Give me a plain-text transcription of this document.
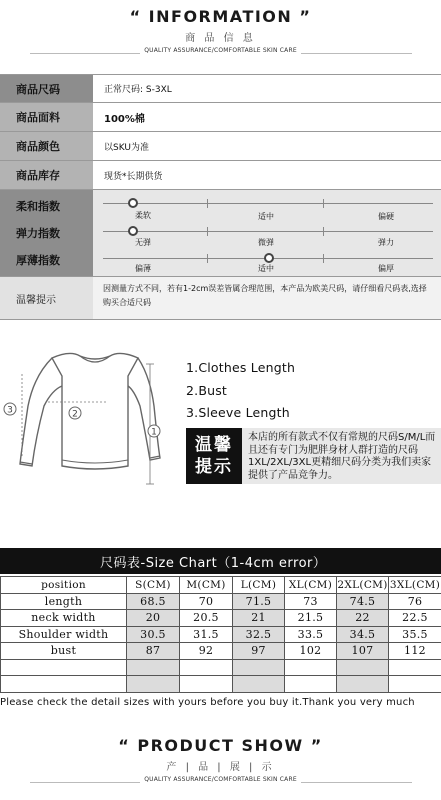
“ INFORMATION ”
商 品 信 息
QUALITY ASSURANCE/COMFORTABLE SKIN CARE
商品尺码	正常尺码: S-3XL
商品面料	100%棉
商品颜色	以SKU为准
商品库存	现货*长期供货
柔和指数
弹力指数
厚薄指数
柔软	适中	偏硬
无弹	微弹	弹力
偏薄	适中	偏厚
温馨提示
因测量方式不同，若有1-2cm误差皆属合理范围，本产品为欧美尺码，请仔细看尺码表,选择购买合适尺码
2
3
1
1.Clothes Length
2.Bust
3.Sleeve Length
温馨
提示
本店的所有款式不仅有常规的尺码S/M/L而且还有专门为肥胖身材人群打造的尺码1XL/2XL/3XL更精细尺码分类为我们卖家提供了产品竞争力。
尺码表-Size Chart（1-4cm error）
position	S(CM)	M(CM)	L(CM)	XL(CM)	2XL(CM)	3XL(CM)
length	68.5	70	71.5	73	74.5	76
neck width	20	20.5	21	21.5	22	22.5
Shoulder width	30.5	31.5	32.5	33.5	34.5	35.5
bust	87	92	97	102	107	112

Please check the detail sizes with yours before you buy it.Thank you very much
“ PRODUCT SHOW ”
产 | 品 | 展 | 示
QUALITY ASSURANCE/COMFORTABLE SKIN CARE
